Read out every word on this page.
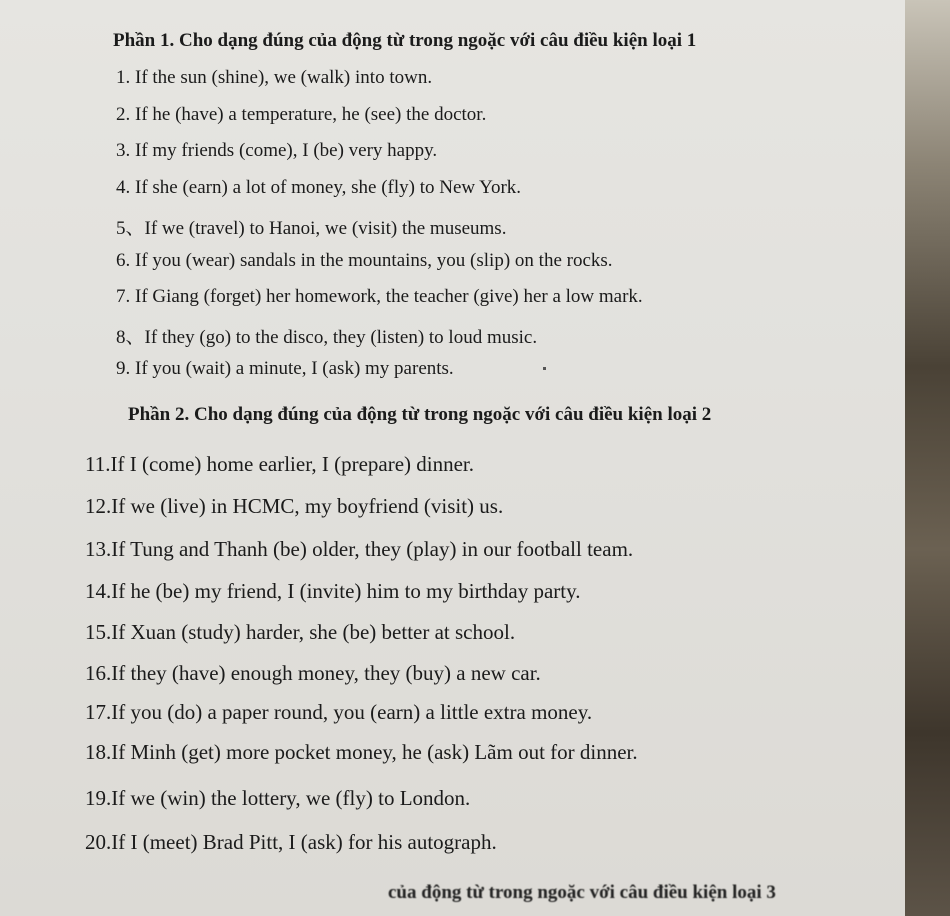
Phần 1. Cho dạng đúng của động từ trong ngoặc với câu điều kiện loại 1
1. If the sun (shine), we (walk) into town.
2. If he (have) a temperature, he (see) the doctor.
3. If my friends (come), I (be) very happy.
4. If she (earn) a lot of money, she (fly) to New York.
5、If we (travel) to Hanoi, we (visit) the museums.
6. If you (wear) sandals in the mountains, you (slip) on the rocks.
7. If Giang (forget) her homework, the teacher (give) her a low mark.
8、If they (go) to the disco, they (listen) to loud music.
9. If you (wait) a minute, I (ask) my parents.
Phần 2. Cho dạng đúng của động từ trong ngoặc với câu điều kiện loại 2
11.If I (come) home earlier, I (prepare) dinner.
12.If we (live) in HCMC, my boyfriend (visit) us.
13.If Tung and Thanh (be) older, they (play) in our football team.
14.If he (be) my friend, I (invite) him to my birthday party.
15.If Xuan (study) harder, she (be) better at school.
16.If they (have) enough money, they (buy) a new car.
17.If you (do) a paper round, you (earn) a little extra money.
18.If Minh (get) more pocket money, he (ask) Lãm out for dinner.
19.If we (win) the lottery, we (fly) to London.
20.If I (meet) Brad Pitt, I (ask) for his autograph.
của động từ trong ngoặc với câu điều kiện loại 3
